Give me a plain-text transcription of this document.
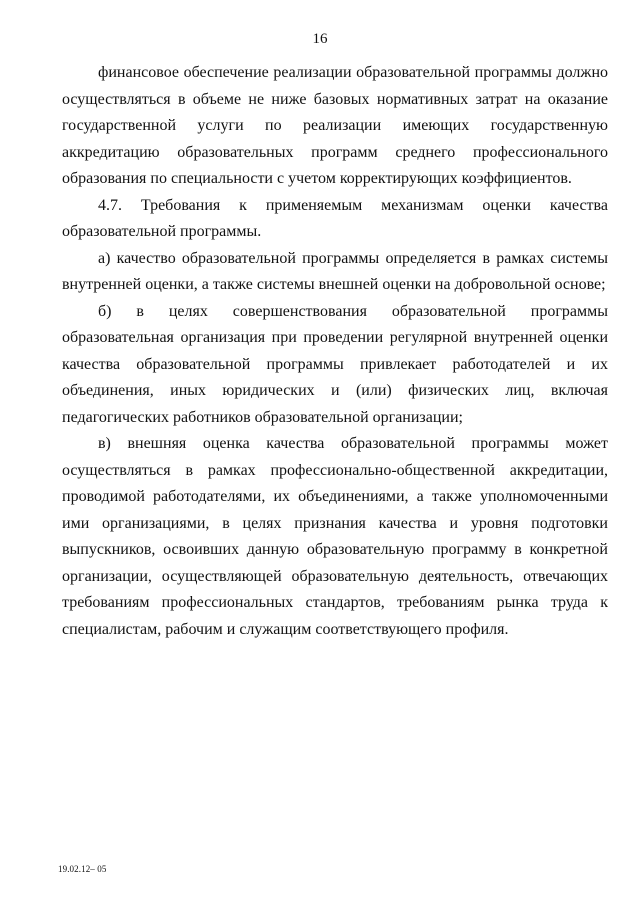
16

финансовое обеспечение реализации образовательной программы должно осуществляться в объеме не ниже базовых нормативных затрат на оказание государственной услуги по реализации имеющих государственную аккредитацию образовательных программ среднего профессионального образования по специальности с учетом корректирующих коэффициентов.

4.7. Требования к применяемым механизмам оценки качества образовательной программы.

а) качество образовательной программы определяется в рамках системы внутренней оценки, а также системы внешней оценки на добровольной основе;

б) в целях совершенствования образовательной программы образовательная организация при проведении регулярной внутренней оценки качества образовательной программы привлекает работодателей и их объединения, иных юридических и (или) физических лиц, включая педагогических работников образовательной организации;

в) внешняя оценка качества образовательной программы может осуществляться в рамках профессионально-общественной аккредитации, проводимой работодателями, их объединениями, а также уполномоченными ими организациями, в целях признания качества и уровня подготовки выпускников, освоивших данную образовательную программу в конкретной организации, осуществляющей образовательную деятельность, отвечающих требованиям профессиональных стандартов, требованиям рынка труда к специалистам, рабочим и служащим соответствующего профиля.

19.02.12– 05
